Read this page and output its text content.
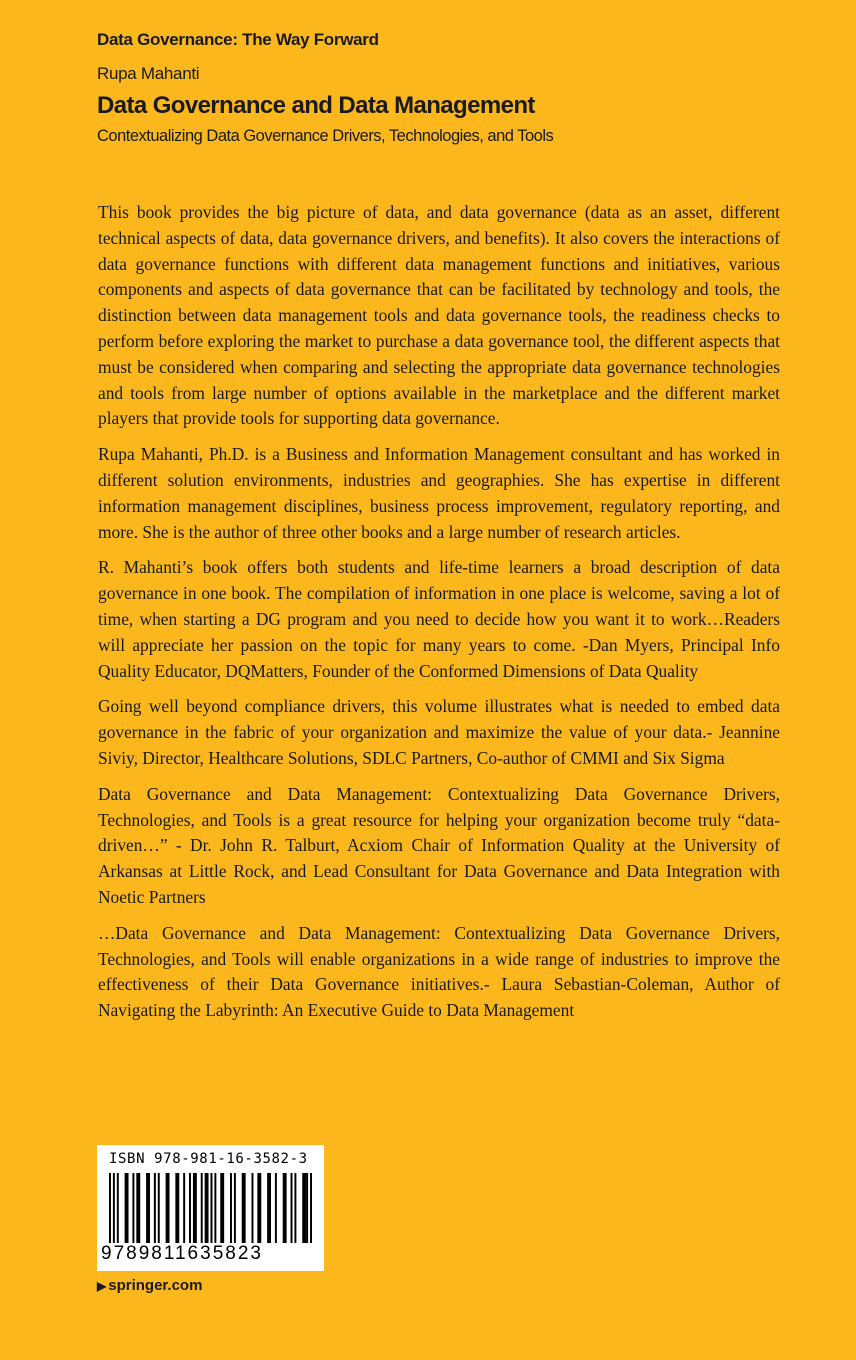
Data Governance: The Way Forward
Rupa Mahanti
Data Governance and Data Management
Contextualizing Data Governance Drivers, Technologies, and Tools

This book provides the big picture of data, and data governance (data as an asset, different technical aspects of data, data governance drivers, and benefits). It also covers the interactions of data governance functions with different data management functions and initiatives, various components and aspects of data governance that can be facilitated by technology and tools, the distinction between data management tools and data governance tools, the readiness checks to perform before exploring the market to purchase a data governance tool, the different aspects that must be considered when comparing and selecting the appropriate data governance technologies and tools from large number of options available in the marketplace and the different market players that provide tools for supporting data governance.

Rupa Mahanti, Ph.D. is a Business and Information Management consultant and has worked in different solution environments, industries and geographies. She has expertise in different information management disciplines, business process improvement, regulatory reporting, and more. She is the author of three other books and a large number of research articles.

R. Mahanti’s book offers both students and life-time learners a broad description of data governance in one book. The compilation of information in one place is welcome, saving a lot of time, when starting a DG program and you need to decide how you want it to work…Readers will appreciate her passion on the topic for many years to come. -Dan Myers, Principal Info Quality Educator, DQMatters, Founder of the Conformed Dimensions of Data Quality

Going well beyond compliance drivers, this volume illustrates what is needed to embed data governance in the fabric of your organization and maximize the value of your data.- Jeannine Siviy, Director, Healthcare Solutions, SDLC Partners, Co-author of CMMI and Six Sigma

Data Governance and Data Management: Contextualizing Data Governance Drivers, Technologies, and Tools is a great resource for helping your organization become truly “data-driven…” - Dr. John R. Talburt, Acxiom Chair of Information Quality at the University of Arkansas at Little Rock, and Lead Consultant for Data Governance and Data Integration with Noetic Partners

…Data Governance and Data Management: Contextualizing Data Governance Drivers, Technologies, and Tools will enable organizations in a wide range of industries to improve the effectiveness of their Data Governance initiatives.- Laura Sebastian-Coleman, Author of Navigating the Labyrinth: An Executive Guide to Data Management

ISBN 978-981-16-3582-3
9789811635823
▶ springer.com
